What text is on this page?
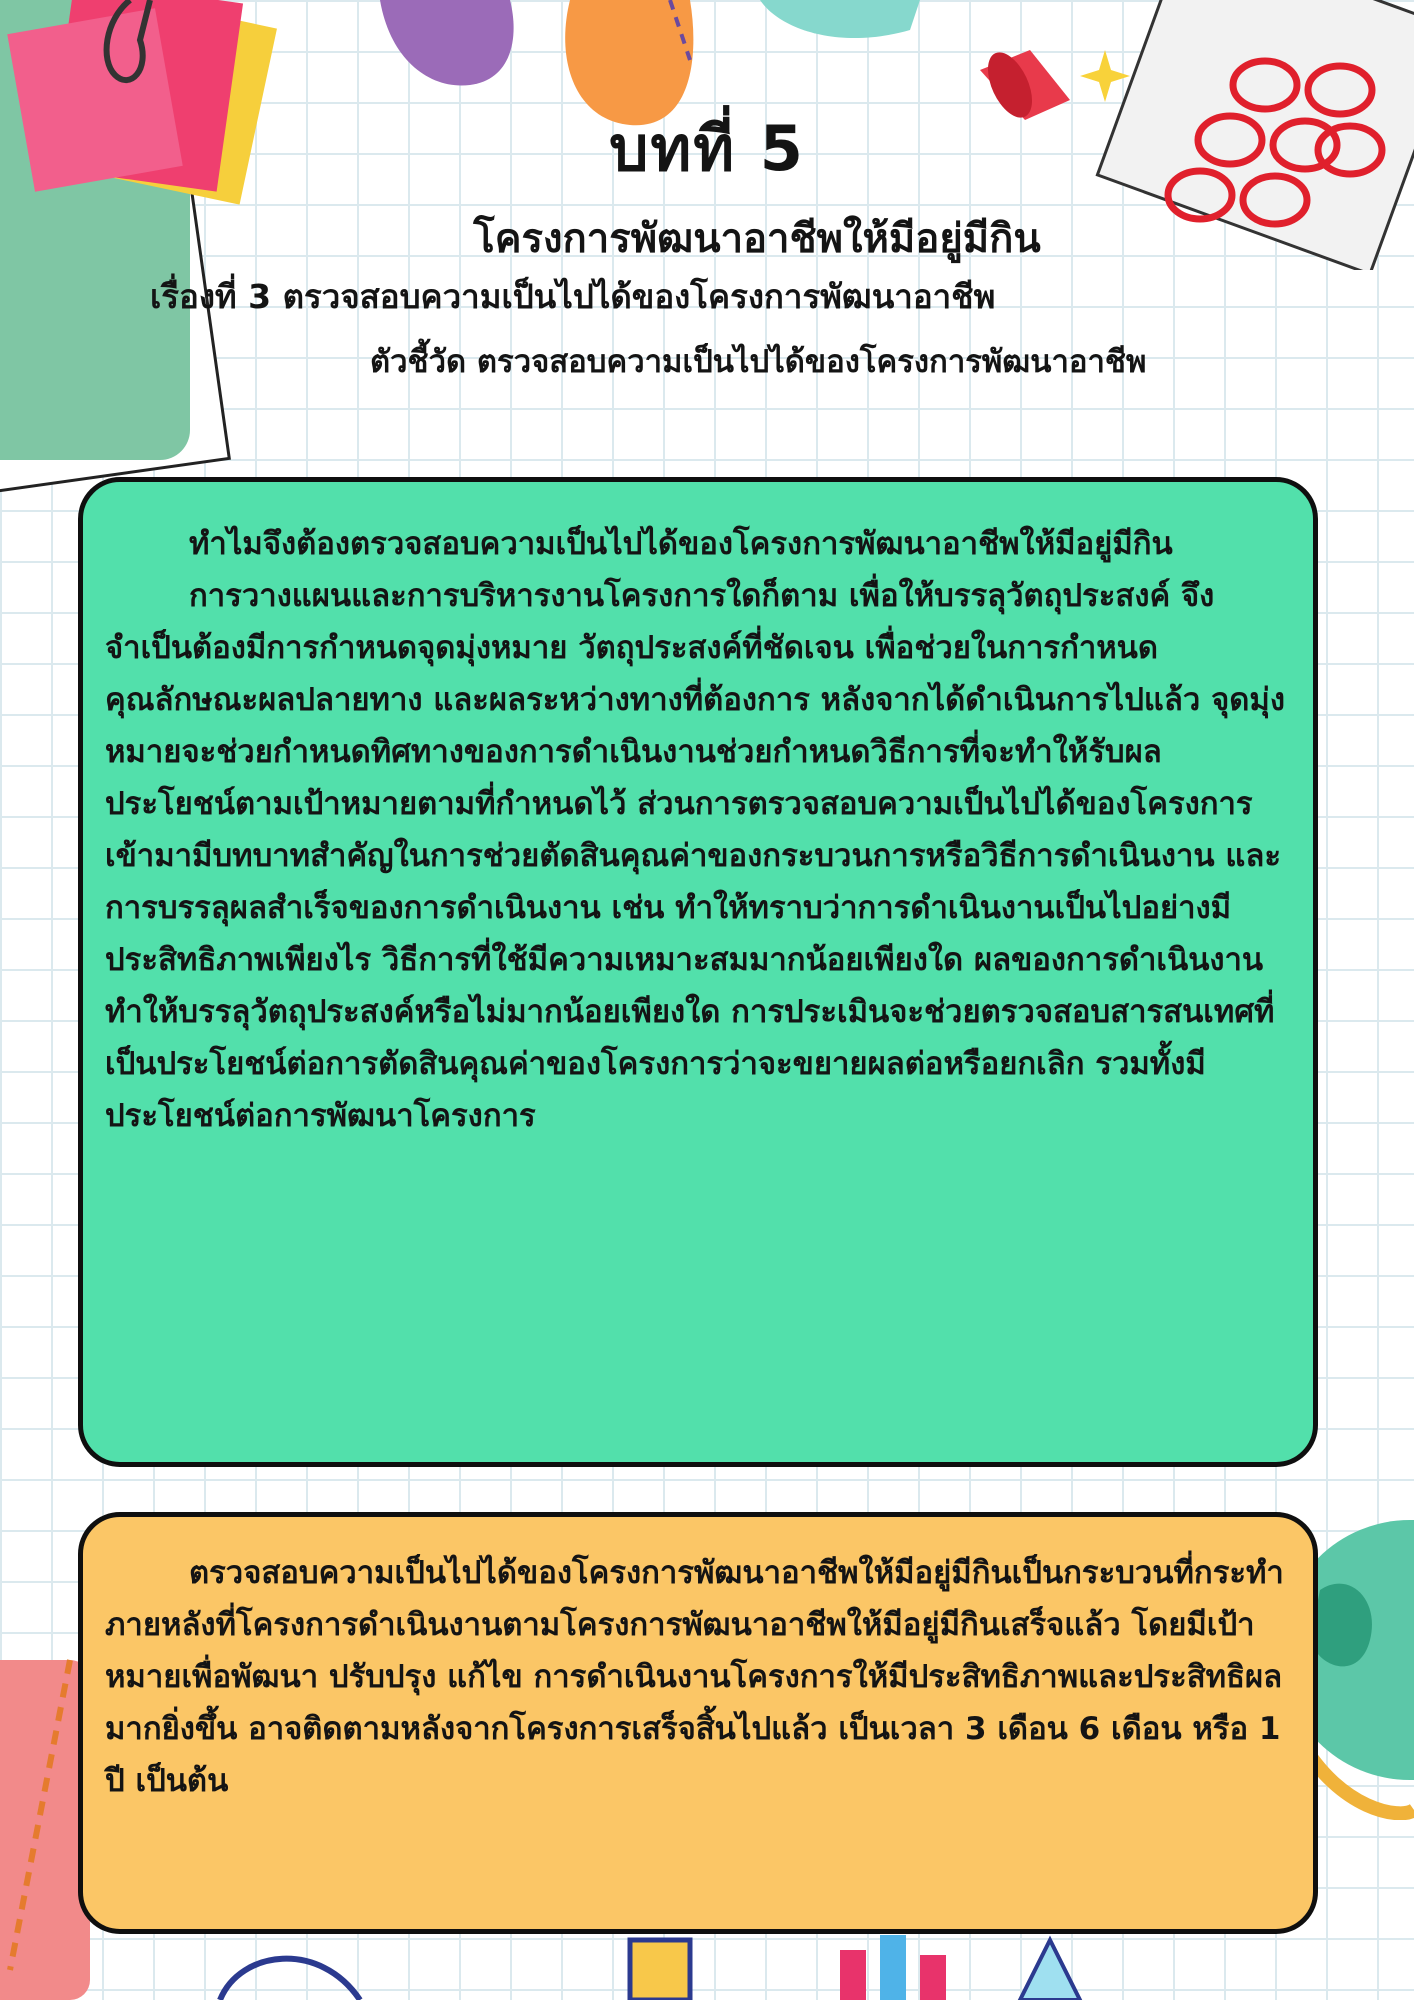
บทที่ 5
โครงการพัฒนาอาชีพให้มีอยู่มีกิน
เรื่องที่ 3 ตรวจสอบความเป็นไปได้ของโครงการพัฒนาอาชีพ
ตัวชี้วัด ตรวจสอบความเป็นไปได้ของโครงการพัฒนาอาชีพ

ทำไมจึงต้องตรวจสอบความเป็นไปได้ของโครงการพัฒนาอาชีพให้มีอยู่มีกิน

การวางแผนและการบริหารงานโครงการใดก็ตาม เพื่อให้บรรลุวัตถุประสงค์ จึงจำเป็นต้องมีการกำหนดจุดมุ่งหมาย วัตถุประสงค์ที่ชัดเจน เพื่อช่วยในการกำหนดคุณลักษณะผลปลายทาง และผลระหว่างทางที่ต้องการ หลังจากได้ดำเนินการไปแล้ว จุดมุ่งหมายจะช่วยกำหนดทิศทางของการดำเนินงานช่วยกำหนดวิธีการที่จะทำให้รับผลประโยชน์ตามเป้าหมายตามที่กำหนดไว้ ส่วนการตรวจสอบความเป็นไปได้ของโครงการเข้ามามีบทบาทสำคัญในการช่วยตัดสินคุณค่าของกระบวนการหรือวิธีการดำเนินงาน และการบรรลุผลสำเร็จของการดำเนินงาน เช่น ทำให้ทราบว่าการดำเนินงานเป็นไปอย่างมีประสิทธิภาพเพียงไร วิธีการที่ใช้มีความเหมาะสมมากน้อยเพียงใด ผลของการดำเนินงานทำให้บรรลุวัตถุประสงค์หรือไม่มากน้อยเพียงใด การประเมินจะช่วยตรวจสอบสารสนเทศที่เป็นประโยชน์ต่อการตัดสินคุณค่าของโครงการว่าจะขยายผลต่อหรือยกเลิก รวมทั้งมีประโยชน์ต่อการพัฒนาโครงการ

ตรวจสอบความเป็นไปได้ของโครงการพัฒนาอาชีพให้มีอยู่มีกินเป็นกระบวนที่กระทำภายหลังที่โครงการดำเนินงานตามโครงการพัฒนาอาชีพให้มีอยู่มีกินเสร็จแล้ว โดยมีเป้าหมายเพื่อพัฒนา ปรับปรุง แก้ไข การดำเนินงานโครงการให้มีประสิทธิภาพและประสิทธิผลมากยิ่งขึ้น อาจติดตามหลังจากโครงการเสร็จสิ้นไปแล้ว เป็นเวลา 3 เดือน 6 เดือน หรือ 1 ปี เป็นต้น
